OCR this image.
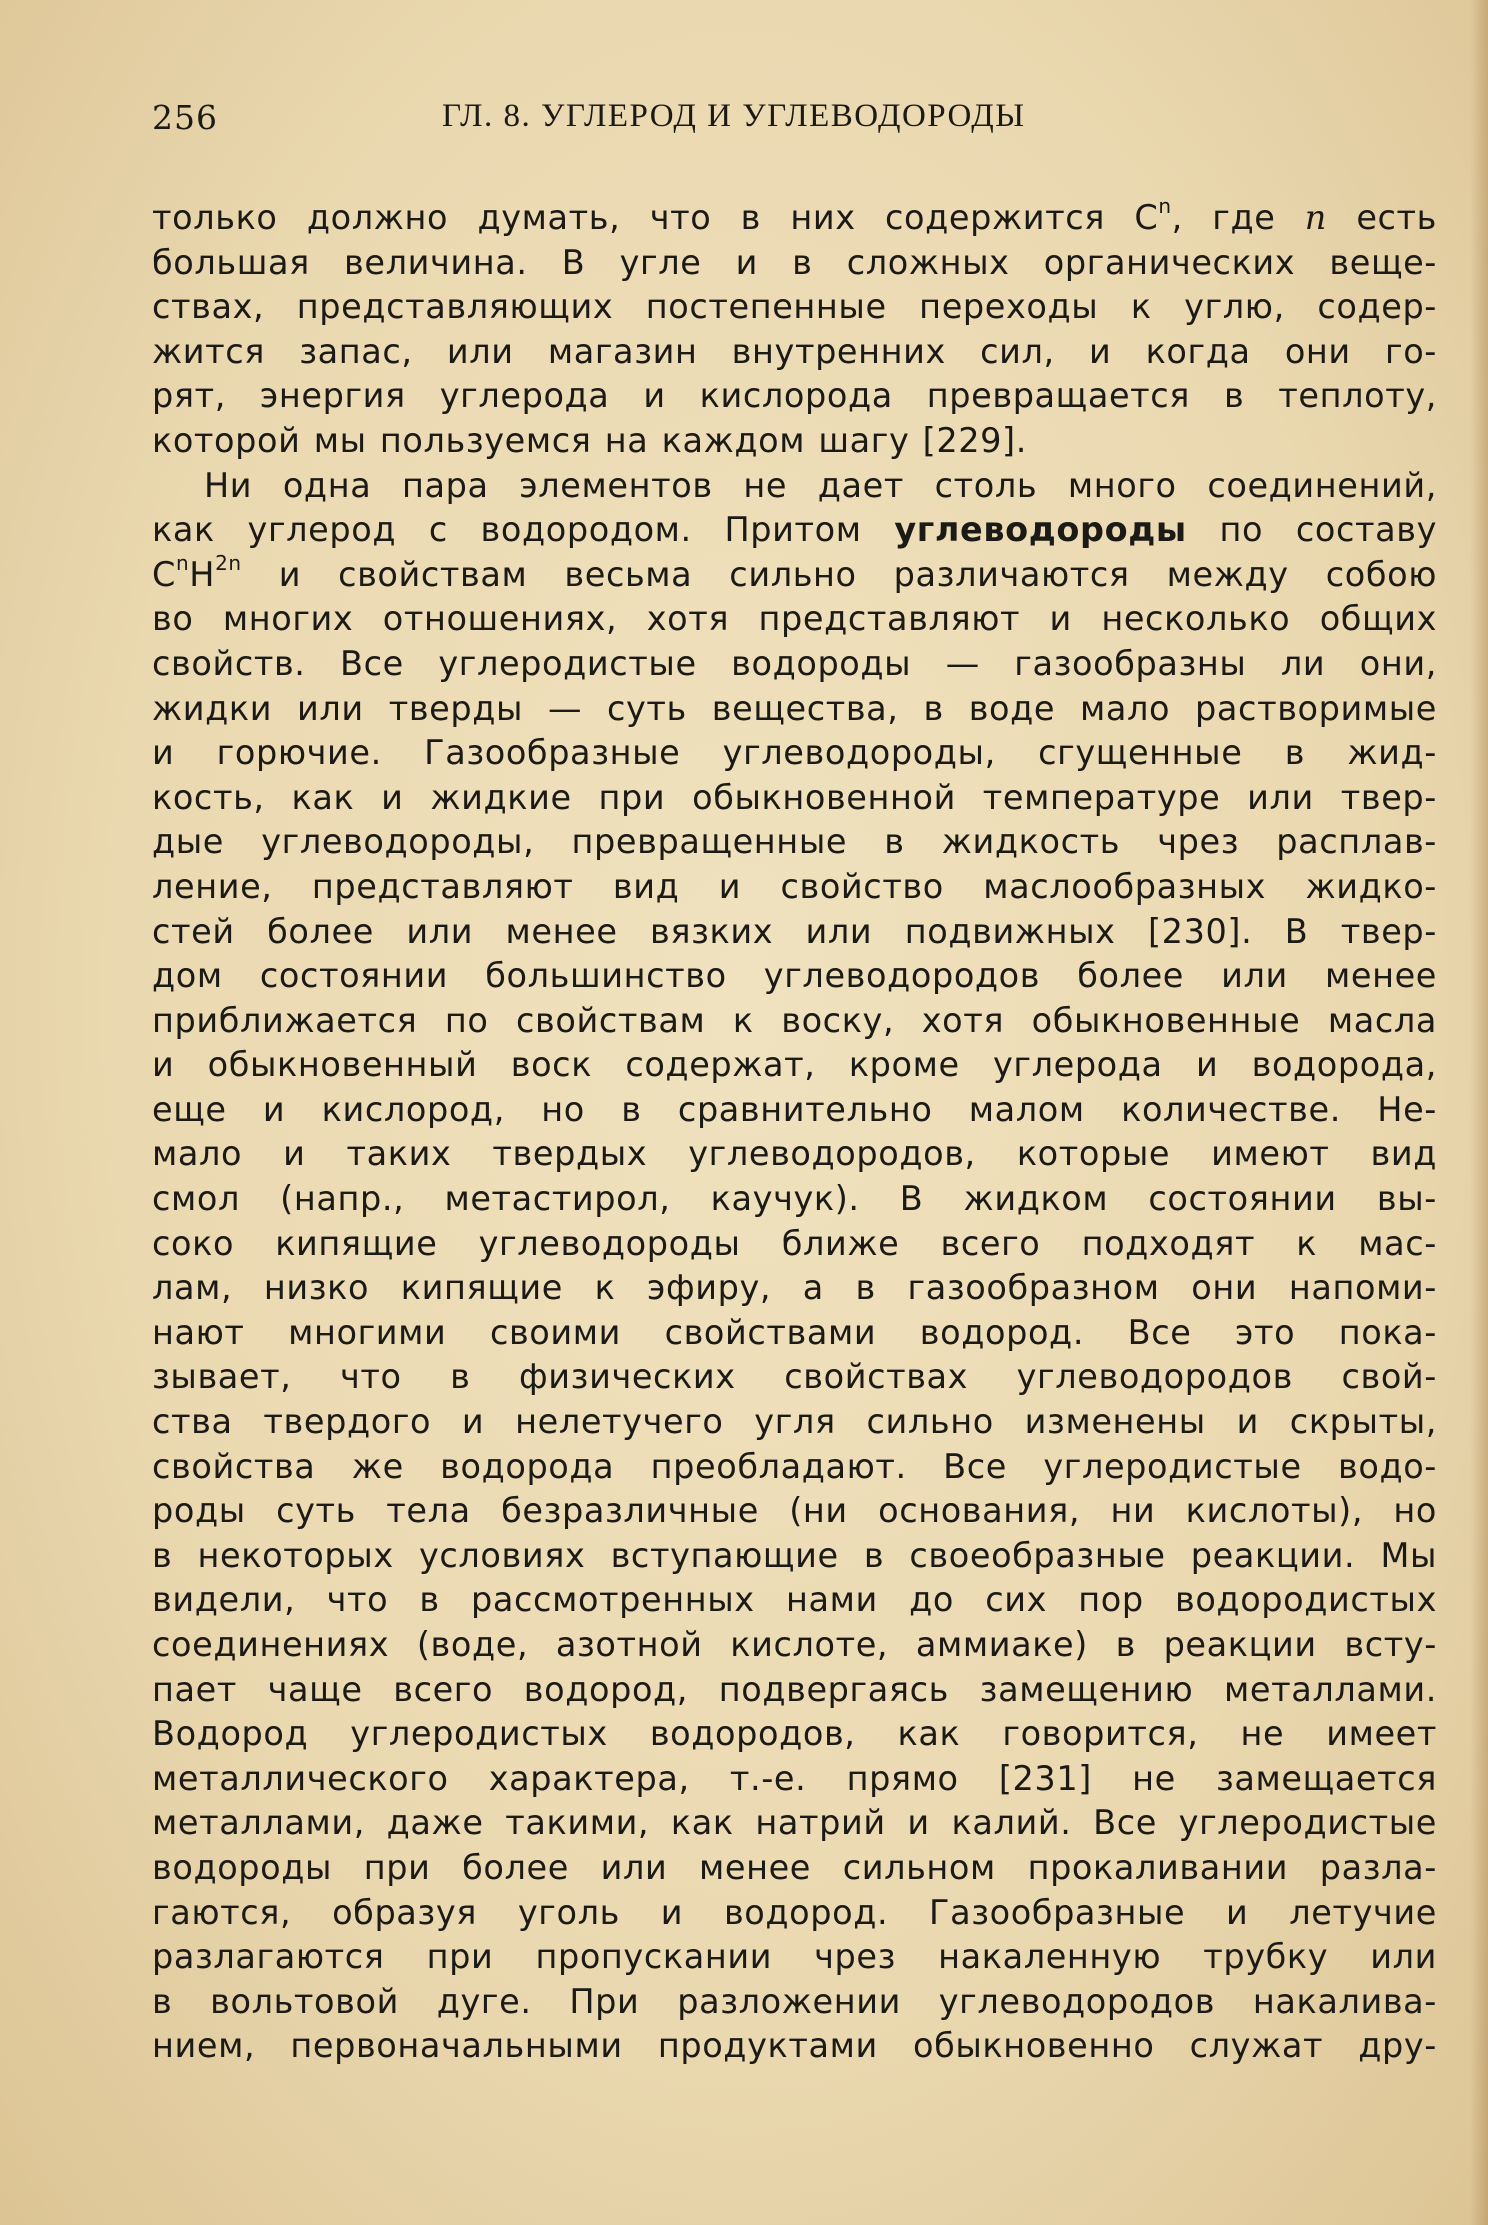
256	ГЛ. 8. УГЛЕРОД И УГЛЕВОДОРОДЫ
только должно думать, что в них содержится $C^n$, где n есть
большая величина. В угле и в сложных органических веще-
ствах, представляющих постепенные переходы к углю, содер-
жится запас, или магазин внутренних сил, и когда они го-
рят, энергия углерода и кислорода превращается в теплоту,
которой мы пользуемся на каждом шагу [229].
Ни одна пара элементов не дает столь много соединений,
как углерод с водородом. Притом углеводороды по составу
$C^nH^{2n}$ и свойствам весьма сильно различаются между собою
во многих отношениях, хотя представляют и несколько общих
свойств. Все углеродистые водороды — газообразны ли они,
жидки или тверды — суть вещества, в воде мало растворимые
и горючие. Газообразные углеводороды, сгущенные в жид-
кость, как и жидкие при обыкновенной температуре или твер-
дые углеводороды, превращенные в жидкость чрез расплав-
ление, представляют вид и свойство маслообразных жидко-
стей более или менее вязких или подвижных [230]. В твер-
дом состоянии большинство углеводородов более или менее
приближается по свойствам к воску, хотя обыкновенные масла
и обыкновенный воск содержат, кроме углерода и водорода,
еще и кислород, но в сравнительно малом количестве. Не-
мало и таких твердых углеводородов, которые имеют вид
смол (напр., метастирол, каучук). В жидком состоянии вы-
соко кипящие углеводороды ближе всего подходят к мас-
лам, низко кипящие к эфиру, а в газообразном они напоми-
нают многими своими свойствами водород. Все это пока-
зывает, что в физических свойствах углеводородов свой-
ства твердого и нелетучего угля сильно изменены и скрыты,
свойства же водорода преобладают. Все углеродистые водо-
роды суть тела безразличные (ни основания, ни кислоты), но
в некоторых условиях вступающие в своеобразные реакции. Мы
видели, что в рассмотренных нами до сих пор водородистых
соединениях (воде, азотной кислоте, аммиаке) в реакции всту-
пает чаще всего водород, подвергаясь замещению металлами.
Водород углеродистых водородов, как говорится, не имеет
металлического характера, т.-е. прямо [231] не замещается
металлами, даже такими, как натрий и калий. Все углеродистые
водороды при более или менее сильном прокаливании разла-
гаются, образуя уголь и водород. Газообразные и летучие
разлагаются при пропускании чрез накаленную трубку или
в вольтовой дуге. При разложении углеводородов накалива-
нием, первоначальными продуктами обыкновенно служат дру-
